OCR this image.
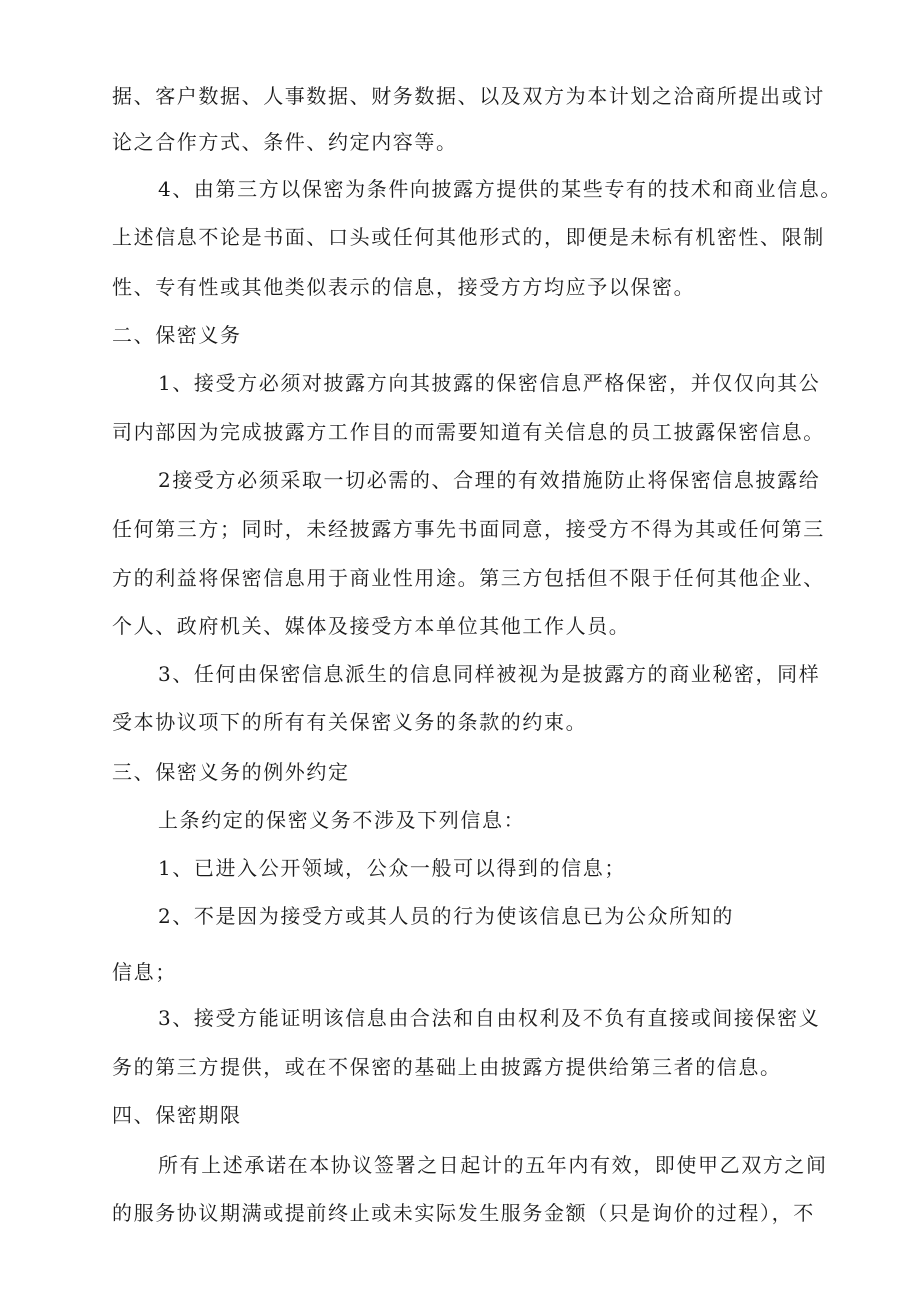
据、客户数据、人事数据、财务数据、以及双方为本计划之洽商所提出或讨
论之合作方式、条件、约定内容等。
4、由第三方以保密为条件向披露方提供的某些专有的技术和商业信息。
上述信息不论是书面、口头或任何其他形式的，即便是未标有机密性、限制
性、专有性或其他类似表示的信息，接受方方均应予以保密。
二、保密义务
1、接受方必须对披露方向其披露的保密信息严格保密，并仅仅向其公
司内部因为完成披露方工作目的而需要知道有关信息的员工披露保密信息。
2接受方必须采取一切必需的、合理的有效措施防止将保密信息披露给
任何第三方；同时，未经披露方事先书面同意，接受方不得为其或任何第三
方的利益将保密信息用于商业性用途。第三方包括但不限于任何其他企业、
个人、政府机关、媒体及接受方本单位其他工作人员。
3、任何由保密信息派生的信息同样被视为是披露方的商业秘密，同样
受本协议项下的所有有关保密义务的条款的约束。
三、保密义务的例外约定
上条约定的保密义务不涉及下列信息：
1、已进入公开领域，公众一般可以得到的信息；
2、不是因为接受方或其人员的行为使该信息已为公众所知的
信息；
3、接受方能证明该信息由合法和自由权利及不负有直接或间接保密义
务的第三方提供，或在不保密的基础上由披露方提供给第三者的信息。
四、保密期限
所有上述承诺在本协议签署之日起计的五年内有效，即使甲乙双方之间
的服务协议期满或提前终止或未实际发生服务金额（只是询价的过程），不
